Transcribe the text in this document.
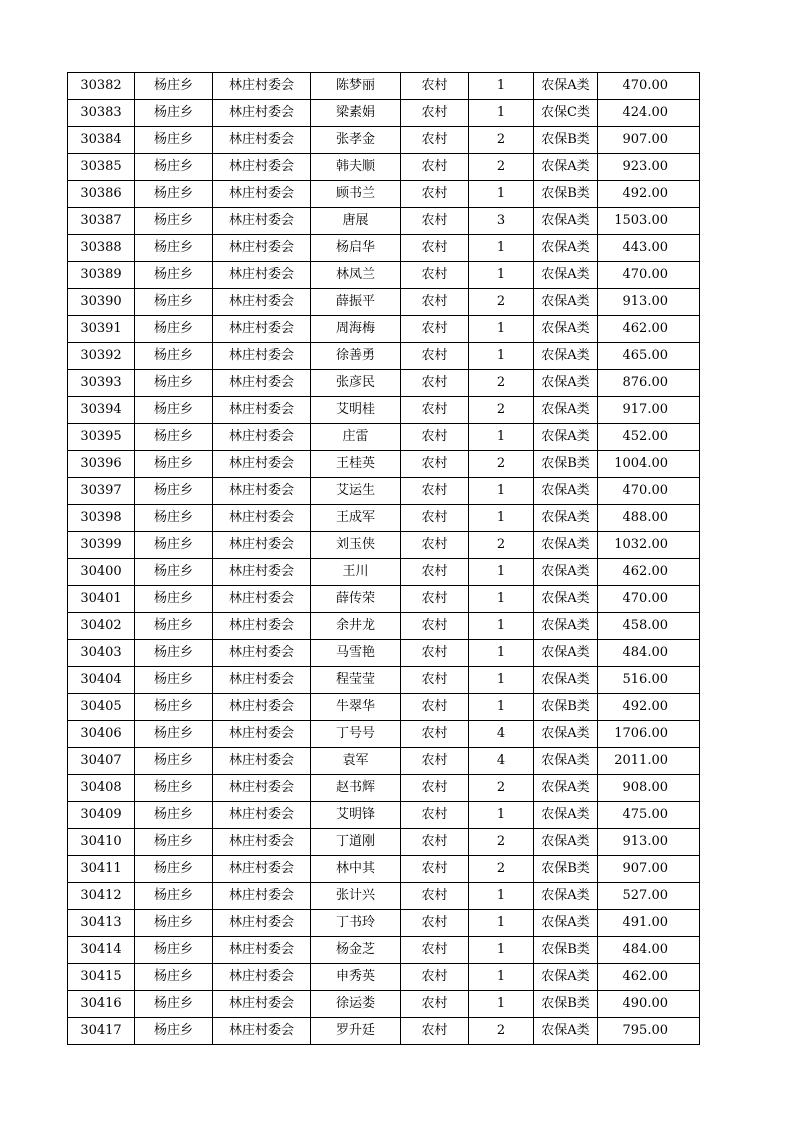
30382	杨庄乡	林庄村委会	陈梦丽	农村	1	农保A类	470.00
30383	杨庄乡	林庄村委会	梁素娟	农村	1	农保C类	424.00
30384	杨庄乡	林庄村委会	张孝金	农村	2	农保B类	907.00
30385	杨庄乡	林庄村委会	韩夫顺	农村	2	农保A类	923.00
30386	杨庄乡	林庄村委会	顾书兰	农村	1	农保B类	492.00
30387	杨庄乡	林庄村委会	唐展	农村	3	农保A类	1503.00
30388	杨庄乡	林庄村委会	杨启华	农村	1	农保A类	443.00
30389	杨庄乡	林庄村委会	林凤兰	农村	1	农保A类	470.00
30390	杨庄乡	林庄村委会	薛振平	农村	2	农保A类	913.00
30391	杨庄乡	林庄村委会	周海梅	农村	1	农保A类	462.00
30392	杨庄乡	林庄村委会	徐善勇	农村	1	农保A类	465.00
30393	杨庄乡	林庄村委会	张彦民	农村	2	农保A类	876.00
30394	杨庄乡	林庄村委会	艾明桂	农村	2	农保A类	917.00
30395	杨庄乡	林庄村委会	庄雷	农村	1	农保A类	452.00
30396	杨庄乡	林庄村委会	王桂英	农村	2	农保B类	1004.00
30397	杨庄乡	林庄村委会	艾运生	农村	1	农保A类	470.00
30398	杨庄乡	林庄村委会	王成军	农村	1	农保A类	488.00
30399	杨庄乡	林庄村委会	刘玉侠	农村	2	农保A类	1032.00
30400	杨庄乡	林庄村委会	王川	农村	1	农保A类	462.00
30401	杨庄乡	林庄村委会	薛传荣	农村	1	农保A类	470.00
30402	杨庄乡	林庄村委会	余井龙	农村	1	农保A类	458.00
30403	杨庄乡	林庄村委会	马雪艳	农村	1	农保A类	484.00
30404	杨庄乡	林庄村委会	程莹莹	农村	1	农保A类	516.00
30405	杨庄乡	林庄村委会	牛翠华	农村	1	农保B类	492.00
30406	杨庄乡	林庄村委会	丁号号	农村	4	农保A类	1706.00
30407	杨庄乡	林庄村委会	袁军	农村	4	农保A类	2011.00
30408	杨庄乡	林庄村委会	赵书辉	农村	2	农保A类	908.00
30409	杨庄乡	林庄村委会	艾明锋	农村	1	农保A类	475.00
30410	杨庄乡	林庄村委会	丁道刚	农村	2	农保A类	913.00
30411	杨庄乡	林庄村委会	林中其	农村	2	农保B类	907.00
30412	杨庄乡	林庄村委会	张计兴	农村	1	农保A类	527.00
30413	杨庄乡	林庄村委会	丁书玲	农村	1	农保A类	491.00
30414	杨庄乡	林庄村委会	杨金芝	农村	1	农保B类	484.00
30415	杨庄乡	林庄村委会	申秀英	农村	1	农保A类	462.00
30416	杨庄乡	林庄村委会	徐运娄	农村	1	农保B类	490.00
30417	杨庄乡	林庄村委会	罗升廷	农村	2	农保A类	795.00
